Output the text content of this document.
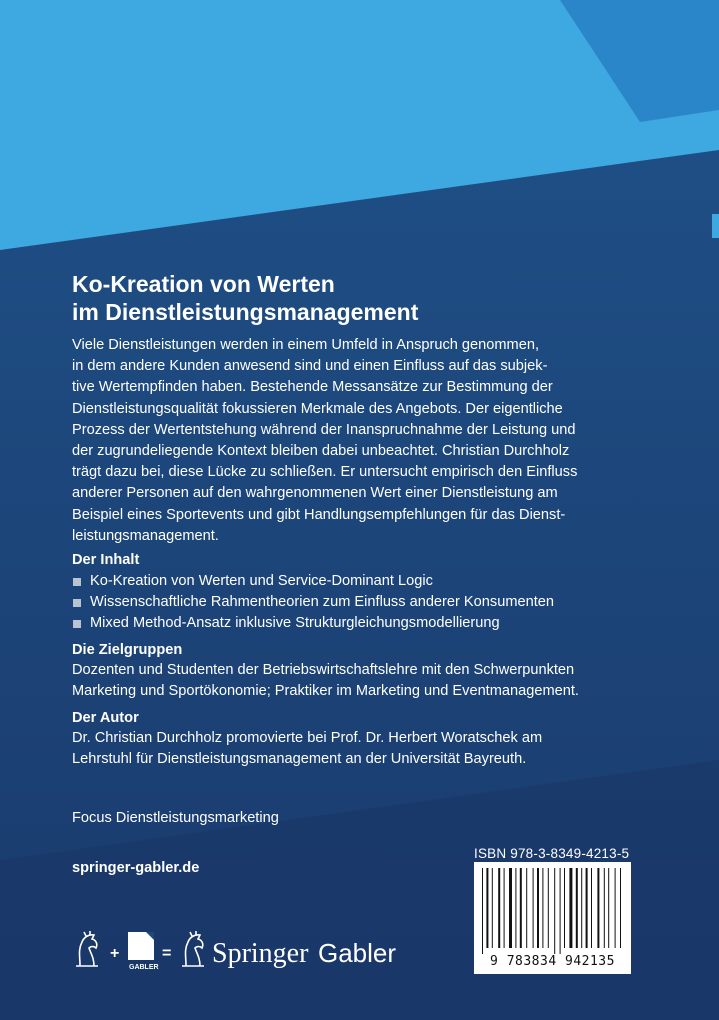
Ko-Kreation von Werten
im Dienstleistungsmanagement

Viele Dienstleistungen werden in einem Umfeld in Anspruch genommen,
in dem andere Kunden anwesend sind und einen Einfluss auf das subjek-
tive Wertempfinden haben. Bestehende Messansätze zur Bestimmung der
Dienstleistungsqualität fokussieren Merkmale des Angebots. Der eigentliche
Prozess der Wertentstehung während der Inanspruchnahme der Leistung und
der zugrundeliegende Kontext bleiben dabei unbeachtet. Christian Durchholz
trägt dazu bei, diese Lücke zu schließen. Er untersucht empirisch den Einfluss
anderer Personen auf den wahrgenommenen Wert einer Dienstleistung am
Beispiel eines Sportevents und gibt Handlungsempfehlungen für das Dienst-
leistungsmanagement.

Der Inhalt
Ko-Kreation von Werten und Service-Dominant Logic
Wissenschaftliche Rahmentheorien zum Einfluss anderer Konsumenten
Mixed Method-Ansatz inklusive Strukturgleichungsmodellierung
Die Zielgruppen

Dozenten und Studenten der Betriebswirtschaftslehre mit den Schwerpunkten
Marketing und Sportökonomie; Praktiker im Marketing und Eventmanagement.

Der Autor

Dr. Christian Durchholz promovierte bei Prof. Dr. Herbert Woratschek am
Lehrstuhl für Dienstleistungsmanagement an der Universität Bayreuth.

Focus Dienstleistungsmarketing
springer-gabler.de
+
GABLER
= Springer Gabler
ISBN 978-3-8349-4213-5
9 783834 942135
